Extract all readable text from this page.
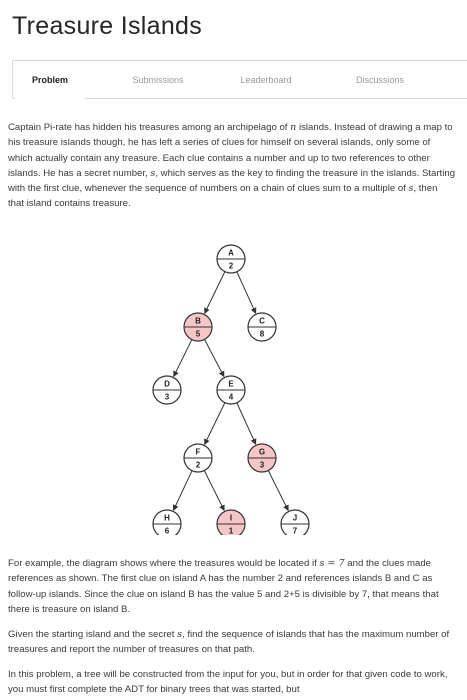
Treasure Islands
Problem	Submissions	Leaderboard	Discussions

Captain Pi-rate has hidden his treasures among an archipelago of n islands. Instead of drawing a map to his treasure islands though, he has left a series of clues for himself on several islands, only some of which actually contain any treasure. Each clue contains a number and up to two references to other islands. He has a secret number, s, which serves as the key to finding the treasure in the islands. Starting with the first clue, whenever the sequence of numbers on a chain of clues sum to a multiple of s, then that island contains treasure.

A
2
B
5
C
8
D
3
E
4
F
2
G
3
H
6
I
1
J
7

For example, the diagram shows where the treasures would be located if s = 7 and the clues made references as shown. The first clue on island A has the number 2 and references islands B and C as follow-up islands. Since the clue on island B has the value 5 and 2+5 is divisible by 7, that means that there is treasure on island B.

Given the starting island and the secret s, find the sequence of islands that has the maximum number of treasures and report the number of treasures on that path.

In this problem, a tree will be constructed from the input for you, but in order for that given code to work, you must first complete the ADT for binary trees that was started, but
